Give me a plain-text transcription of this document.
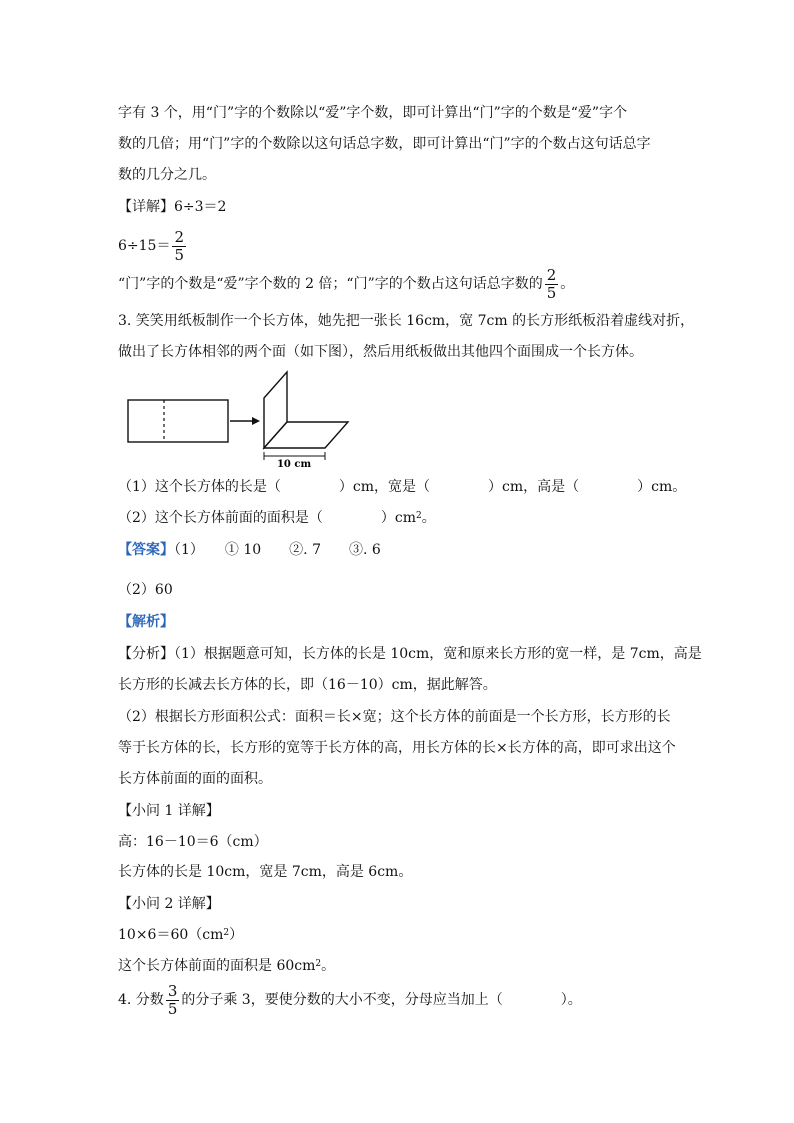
字有 3 个，用“门”字的个数除以“爱”字个数，即可计算出“门”字的个数是“爱”字个
数的几倍；用“门”字的个数除以这句话总字数，即可计算出“门”字的个数占这句话总字
数的几分之几。
【详解】6÷3＝2
$6\div 15= \frac{2}{5}$
“门”字的个数是“爱”字个数的 2 倍；“门”字的个数占这句话总字数的 $\frac{2}{5}$ 。
3. 笑笑用纸板制作一个长方体，她先把一张长 16cm，宽 7cm 的长方形纸板沿着虚线对折，
做出了长方体相邻的两个面（如下图），然后用纸板做出其他四个面围成一个长方体。
10 cm
（1）这个长方体的长是（	）cm，宽是（	）cm，高是（	）cm。
（2）这个长方体前面的面积是（	）$cm^2$。
【答案】（1）　　① 10　　②. 7　　③. 6
（2）60
【解析】
【分析】（1）根据题意可知，长方体的长是 10cm，宽和原来长方形的宽一样，是 7cm，高是
长方形的长减去长方体的长，即（16－10）cm，据此解答。
（2）根据长方形面积公式：面积＝长×宽；这个长方体的前面是一个长方形，长方形的长
等于长方体的长，长方形的宽等于长方体的高，用长方体的长×长方体的高，即可求出这个
长方体前面的面的面积。
【小问 1 详解】
高：16－10＝6（cm）
长方体的长是 10cm，宽是 7cm，高是 6cm。
【小问 2 详解】
$10\times 6=60(cm^2)$
这个长方体前面的面积是 $60cm^2$。
4. 分数 $\frac{3}{5}$ 的分子乘 3，要使分数的大小不变，分母应当加上（	）。
